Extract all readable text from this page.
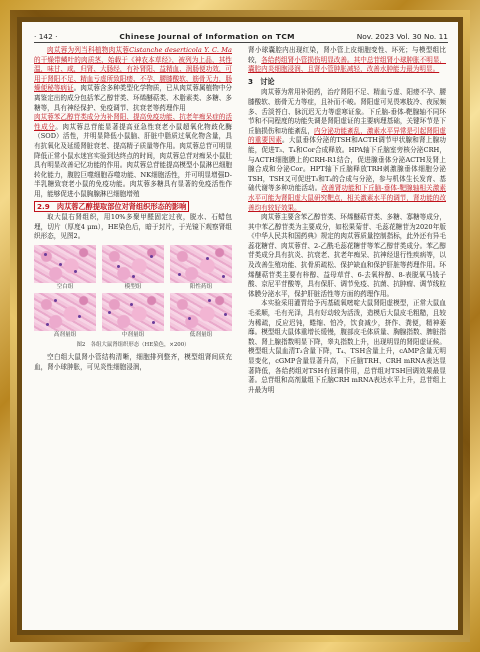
· 142 ·	Chinese Journal of Information on TCM	Nov. 2023 Vol. 30 No. 11

肉苁蓉为列当科植物肉苁蓉Cistanche deserticola Y. C. Ma的干燥带鳞叶的肉质茎，始载于《神农本草经》，被列为上品，其性温，味甘、咸，归肾、大肠经，有补肾阳、益精血、润肠便功效，可用于肾阳不足、精血亏虚所致阳痿、不孕、腰膝酸软、筋骨无力，肠燥便秘等病证。肉苁蓉含多种类型化学物质，已从肉苁蓉属植物中分离鉴定出的成分包括苯乙醇苷类、环烯醚萜类、木脂素类、多糖、多糖等，具有神经保护、免疫调节、抗衰老等药理作用

肉苁蓉苯乙醇苷类成分为补肾阳、提高免疫功能、抗老年痴呆症的活性成分。肉苁蓉总苷能显著提高亚急性衰老小鼠超氧化物歧化酶（SOD）活性，并明显降低小鼠脑、肝脏中脂质过氧化物含量，具有抗氧化及延缓肾脏衰老、提高精子质量等作用。肉苁蓉总苷可明显降低正常小鼠水迷宫实验到达终点的时间，肉苁蓉总苷对痴呆小鼠肚具有明显改善记忆功能的作用。肉苁蓉总苷能提高模型小鼠淋巴细胞转化能力，腹腔巨噬细胞吞噬功能、NK细胞活性，并可明显增强D-半乳糖致衰老小鼠的免疫功能。肉苁蓉多糖具有显著的免疫活性作用，能够促进小鼠胸腺淋巴细胞增殖

2.9　肉苁蓉乙醇提取部位对肾组织形态的影响

取大鼠右肾组织，用10%多聚甲醛固定过夜，脱水、石蜡包埋，切片（厚度4 μm），HE染色后，暗于封片，于光镜下观察肾组织形态，见图2。

空白组	模型组	阳性药组
高剂量组	中剂量组	低剂量组
图2　各组大鼠肾组织形态（HE染色，×200）

空白组大鼠肾小管结构清晰，细胞排列整齐，模型组肾间质充血，肾小球肿胀，可见炎性细胞浸润，

肾小球囊腔内出现红染，肾小管上皮细胞变性、坏死；与模型组比较，各给药组肾小管损伤明显改善。其中总苷组肾小球肿胀不明显，囊腔内炎细胞浸润、且肾小管肿胀减轻，改善水肿能力最为明显。

3　讨论

肉苁蓉为常用补阳药，治疗肾阳不足、精血亏虚、阳痿不孕、腰膝酸软、筋骨无力等症，且补而不峻。肾阳虚可见畏寒肢冷、夜尿频多、舌淡苔白、脉沉迟无力等虚寒证象。下丘脑-垂体-靶腺轴不同环节和不同程度的功能失调是肾阳虚证的主要病理基础，关键环节是下丘脑损伤和功能紊乱，内分泌功能紊乱，激素水平异常是引起肾阳虚的重要因素。大鼠垂体分泌的TSH和ACTH调节甲状腺和肾上腺功能，促进T₃、T₄和Cor合成释放。HPA轴下丘脑室旁核分泌CRH，与ACTH细胞膜上的CRH-R1结合，促进腺垂体分泌ACTH及肾上腺合成和分泌Cor。HPT轴下丘脑释放TRH刺激腺垂体细胞分泌TSH，TSH又可促进T₃和T₄的合成与分泌，参与机体生长发育、基础代谢等多种功能活动。改善肾功能和下丘脑-垂体-靶腺轴相关激素水平可能为肾阳虚大鼠研究靶点，相关激素水平的调节，肾功能的改善均有较好效果。

肉苁蓉主要含苯乙醇苷类、环烯醚萜苷类、多糖、寡糖等成分，其中苯乙醇苷类为主要成分，如松果菊苷、毛蕊花糖苷为2020年版《中华人民共和国药典》规定的肉苁蓉质量控制指标，此外还有异毛蕊花糖苷、肉苁蓉苷、2-乙酰毛蕊花糖苷等苯乙醇苷类成分。苯乙醇苷类成分具有抗炎、抗衰老、抗老年痴呆、抗神经退行性疾病等，以及改善生殖功能、抗骨质疏松、保护缺血和保护肝脏等药理作用。环烯醚萜苷类主要有梓醇、益母草苷、6-去氧梓醇、8-表脱氧马钱子酸、京尼平苷酸等，具有保肝、调节免疫、抗菌、抗肿瘤、调节线粒体膜分泌水平，保护肝脏活性等方面的药理作用。

本实验采用灌胃给予丙基硫氧嘧啶大鼠肾阳虚模型，正常大鼠血毛柔顺，毛有光泽，具有好动较为活泼，造模后大鼠皮毛粗糙，且较为稀疏，反应迟钝，蜷缩、怕冷，饮食减少，挤作、粪便，精神萎靡。模型组大鼠体重增长缓慢，腹部皮毛体质量、胸腺指数、脾脏指数、肾上腺指数明显下降，睾丸指数上升，出现明显的肾阳虚证候。模型组大鼠血清T₃含量下降，T₄、TSH含量上升，cAMP含量无明显变化，cGMP含量显著升高，下丘脑TRH、CRH mRNA表达显著降低，各给药组对TSH有回调作用，总苷组对TSH回调效果最显著。总苷组和高剂量组下丘脑CRH mRNA表达水平上升，总苷组上升最为明
